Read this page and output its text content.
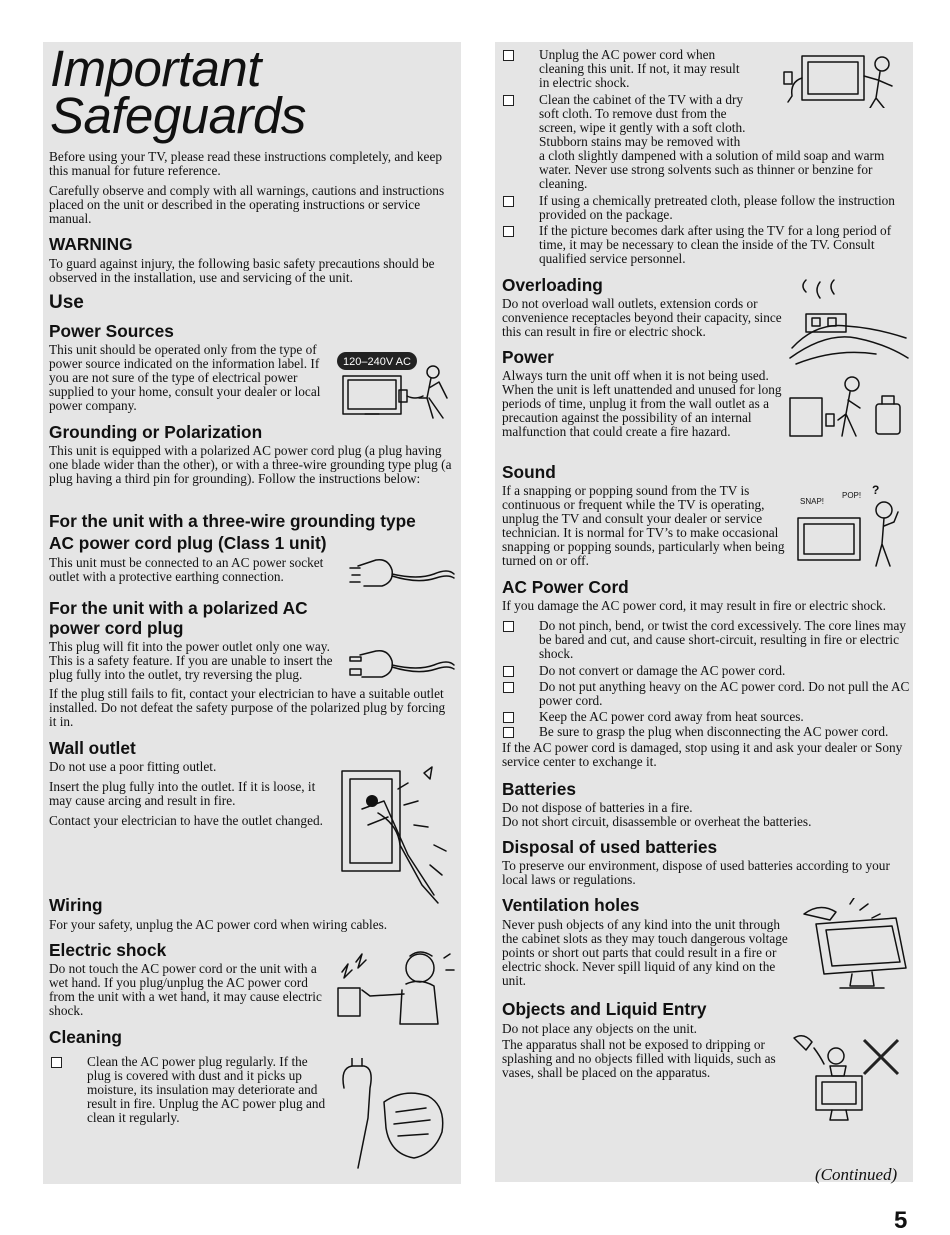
Important
Safeguards

Before using your TV, please read these instructions completely, and keep this manual for future reference.

Carefully observe and comply with all warnings, cautions and instructions placed on the unit or described in the operating instructions or service manual.

WARNING

To guard against injury, the following basic safety precautions should be observed in the installation, use and servicing of the unit.

Use
Power Sources

This unit should be operated only from the type of power source indicated on the information label. If you are not sure of the type of electrical power supplied to your home, consult your dealer or local power company.

120–240V AC
Grounding or Polarization

This unit is equipped with a polarized AC power cord plug (a plug having one blade wider than the other), or with a three-wire grounding type plug (a plug having a third pin for grounding). Follow the instructions below:

For the unit with a three-wire grounding type
AC power cord plug (Class 1 unit)

This unit must be connected to an AC power socket outlet with a protective earthing connection.

For the unit with a polarized AC
power cord plug

This plug will fit into the power outlet only one way. This is a safety feature. If you are unable to insert the plug fully into the outlet, try reversing the plug.

If the plug still fails to fit, contact your electrician to have a suitable outlet installed. Do not defeat the safety purpose of the polarized plug by forcing it in.

Wall outlet

Do not use a poor fitting outlet.

Insert the plug fully into the outlet. If it is loose, it may cause arcing and result in fire.

Contact your electrician to have the outlet changed.

Wiring

For your safety, unplug the AC power cord when wiring cables.

Electric shock

Do not touch the AC power cord or the unit with a wet hand. If you plug/unplug the AC power cord from the unit with a wet hand, it may cause electric shock.

Cleaning

Clean the AC power plug regularly. If the plug is covered with dust and it picks up moisture, its insulation may deteriorate and result in fire. Unplug the AC power plug and clean it regularly.

Unplug the AC power cord when cleaning this unit. If not, it may result in electric shock.

Clean the cabinet of the TV with a dry soft cloth. To remove dust from the screen, wipe it gently with a soft cloth. Stubborn stains may be removed with

a cloth slightly dampened with a solution of mild soap and warm water. Never use strong solvents such as thinner or benzine for cleaning.

If using a chemically pretreated cloth, please follow the instruction provided on the package.

If the picture becomes dark after using the TV for a long period of time, it may be necessary to clean the inside of the TV. Consult qualified service personnel.

Overloading

Do not overload wall outlets, extension cords or convenience receptacles beyond their capacity, since this can result in fire or electric shock.

Power

Always turn the unit off when it is not being used. When the unit is left unattended and unused for long periods of time, unplug it from the wall outlet as a precaution against the possibility of an internal malfunction that could create a fire hazard.

Sound

If a snapping or popping sound from the TV is continuous or frequent while the TV is operating, unplug the TV and consult your dealer or service technician. It is normal for TV’s to make occasional snapping or popping sounds, particularly when being turned on or off.

SNAP!
POP! ?
AC Power Cord

If you damage the AC power cord, it may result in fire or electric shock.

Do not pinch, bend, or twist the cord excessively. The core lines may be bared and cut, and cause short-circuit, resulting in fire or electric shock.

Do not convert or damage the AC power cord.

Do not put anything heavy on the AC power cord. Do not pull the AC power cord.

Keep the AC power cord away from heat sources.

Be sure to grasp the plug when disconnecting the AC power cord.

If the AC power cord is damaged, stop using it and ask your dealer or Sony service center to exchange it.

Batteries

Do not dispose of batteries in a fire.

Do not short circuit, disassemble or overheat the batteries.

Disposal of used batteries

To preserve our environment, dispose of used batteries according to your local laws or regulations.

Ventilation holes

Never push objects of any kind into the unit through the cabinet slots as they may touch dangerous voltage points or short out parts that could result in a fire or electric shock. Never spill liquid of any kind on the unit.

Objects and Liquid Entry

Do not place any objects on the unit.

The apparatus shall not be exposed to dripping or splashing and no objects filled with liquids, such as vases, shall be placed on the apparatus.

(Continued)
5
